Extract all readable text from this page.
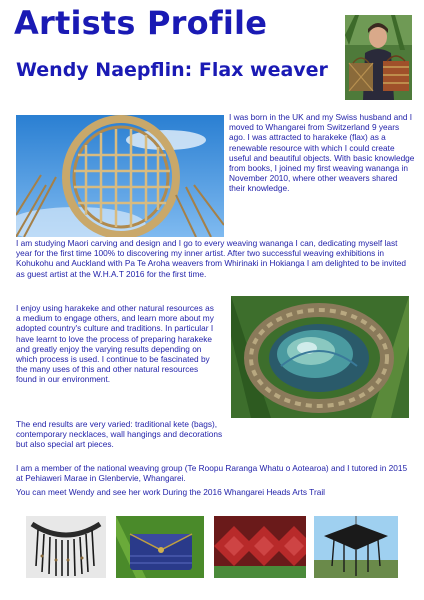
Artists Profile
Wendy Naepflin: Flax weaver

I was born in the UK and my Swiss husband and I moved to Whangarei from Switzerland 9 years ago. I was attracted to harakeke (flax) as a renewable resource with which I could create useful and beautiful objects. With basic knowledge from books, I joined my first weaving wananga in November 2010, where other weavers shared their knowledge.

I am studying Maori carving and design and I go to every weaving wananga I can, dedicating myself last year for the first time 100% to discovering my inner artist. After two successful weaving exhibitions in Kohukohu and Auckland with Pa Te Aroha weavers from Whirinaki in Hokianga I am delighted to be invited as guest artist at the W.H.A.T 2016 for the first time.

I enjoy using harakeke and other natural resources as a medium to engage others, and learn more about my adopted country's culture and traditions. In particular I have learnt to love the process of preparing harakeke and greatly enjoy the varying results depending on which process is used. I continue to be fascinated by the many uses of this and other natural resources found in our environment.

The end results are very varied: traditional kete (bags), contemporary necklaces, wall hangings and decorations but also special art pieces.

I am a member of the national weaving group (Te Roopu Raranga Whatu o Aotearoa) and I tutored in 2015 at Pehiaweri Marae in Glenbervie, Whangarei.

You can meet Wendy and see her work During the 2016 Whangarei Heads Arts Trail
